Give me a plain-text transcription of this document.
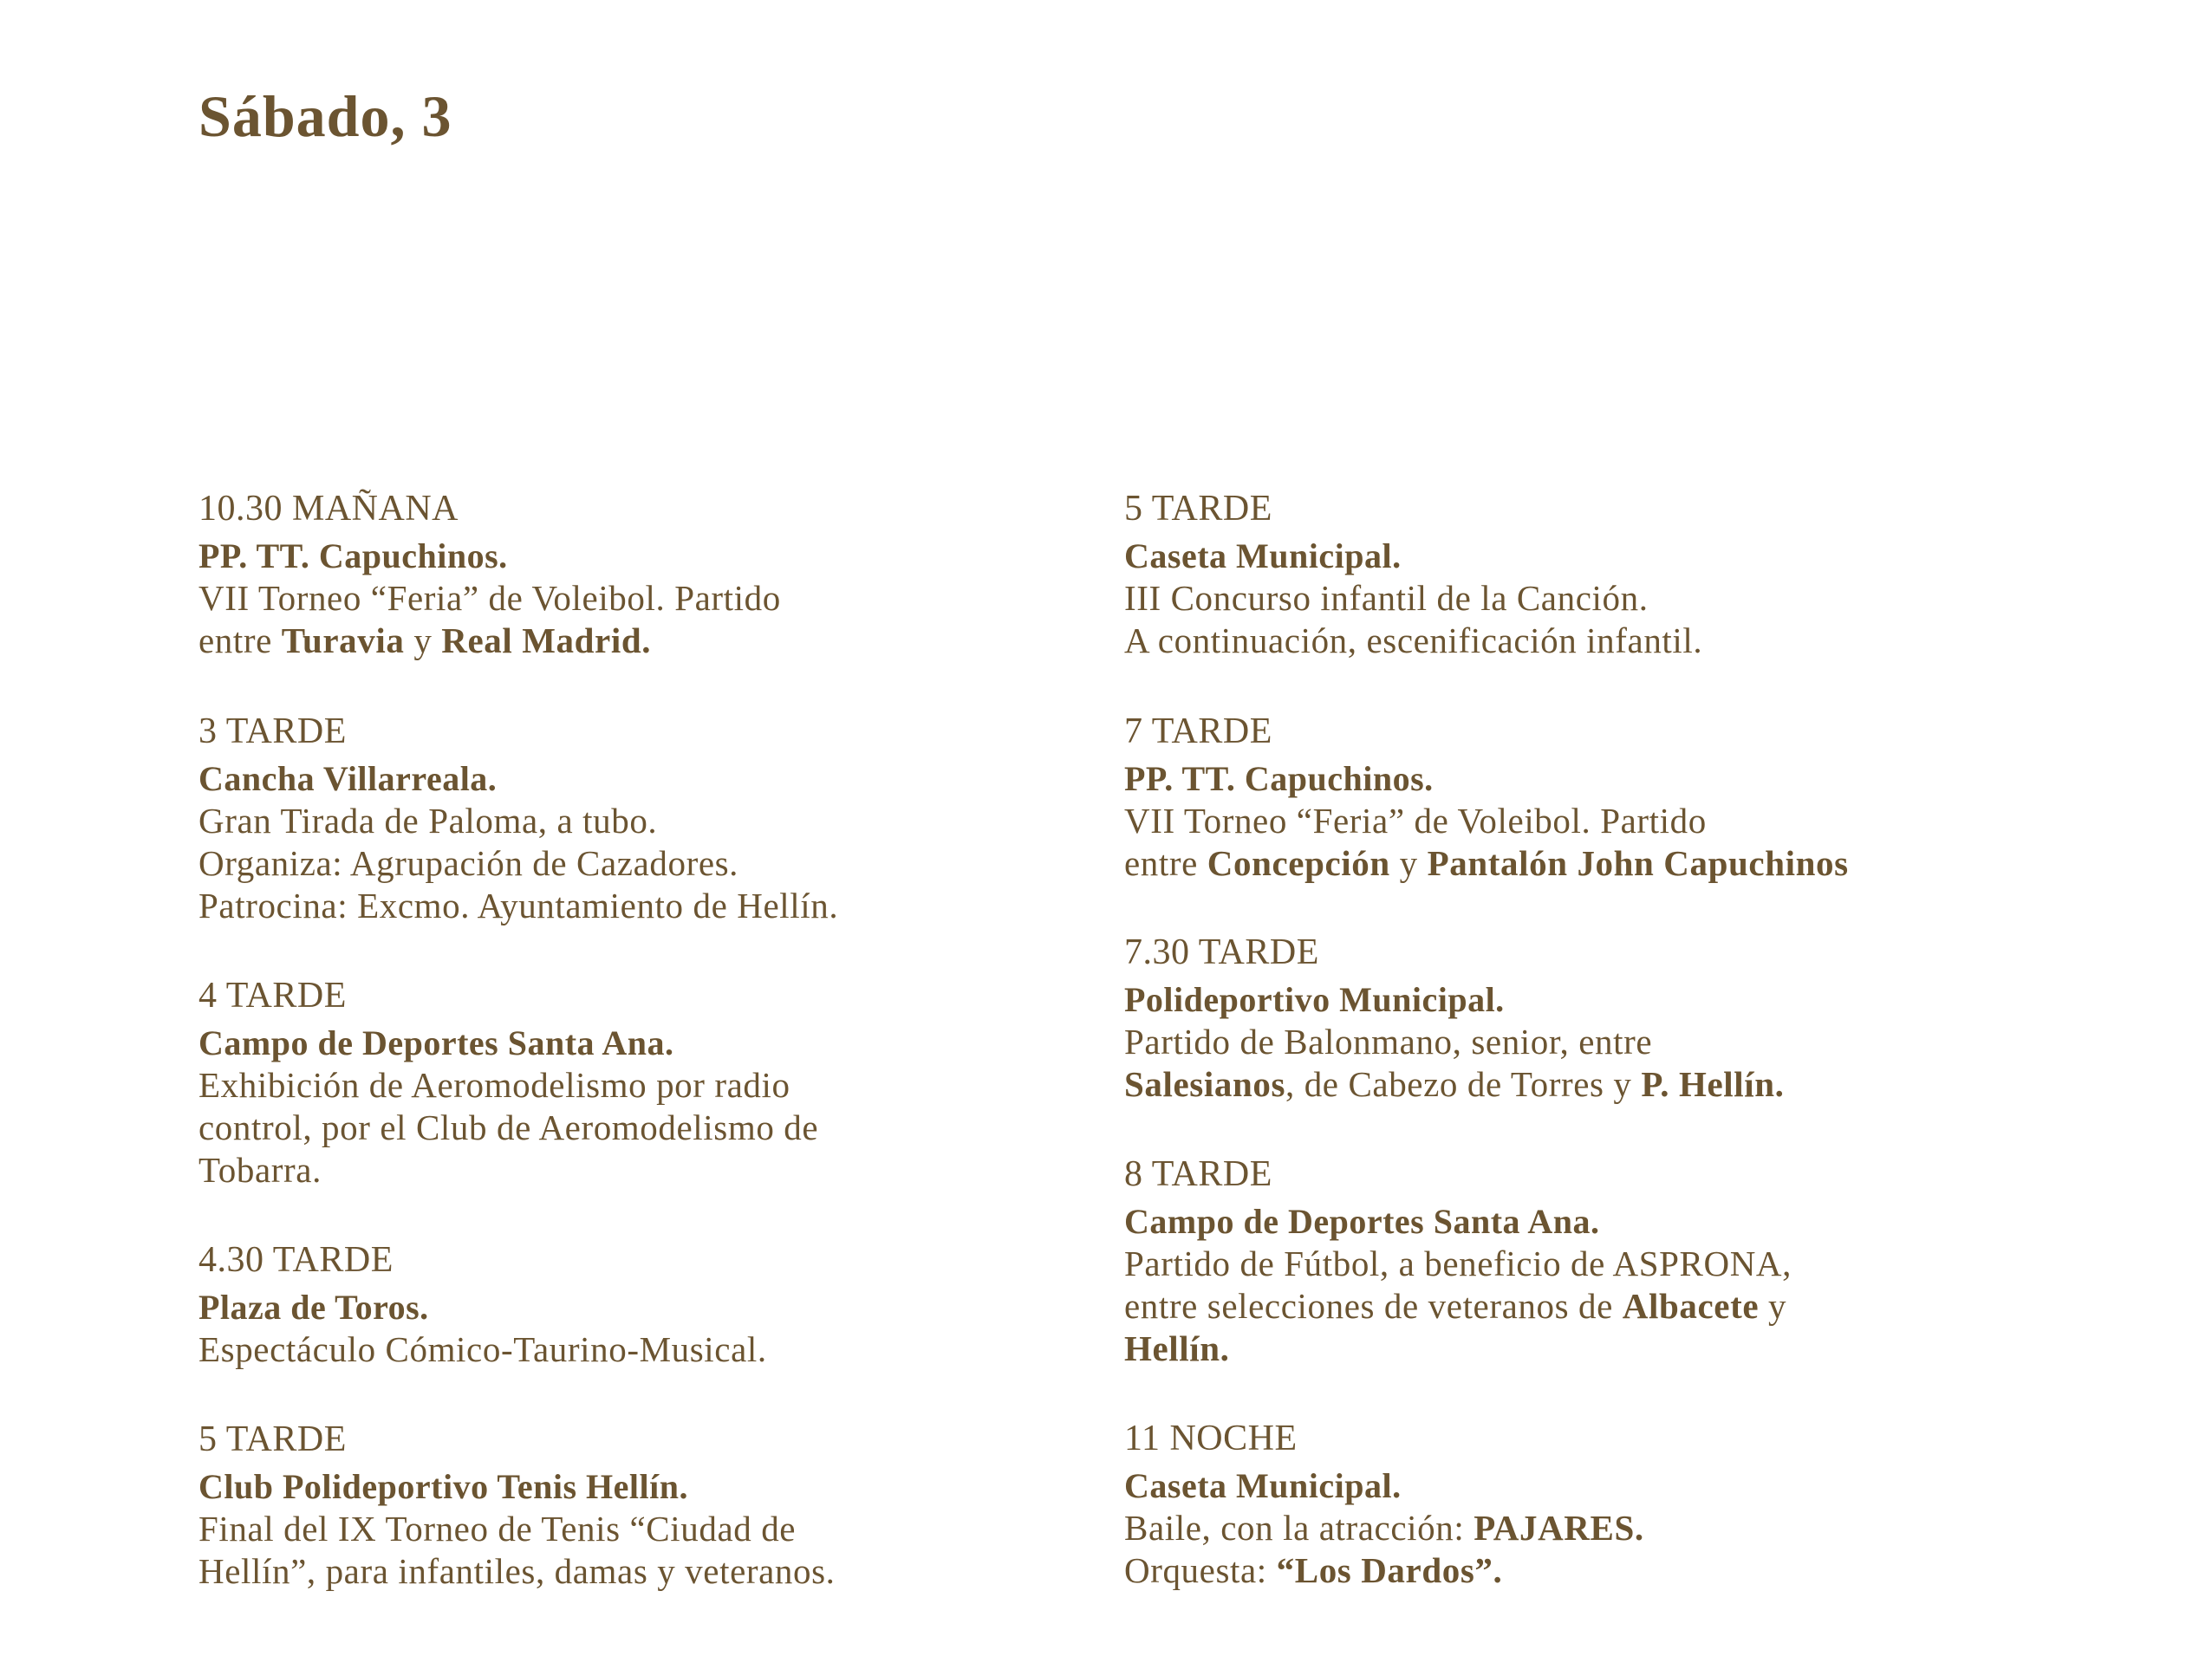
Sábado, 3

10.30 MAÑANA

PP. TT. Capuchinos.

VII Torneo “Feria” de Voleibol. Partido

entre Turavia y Real Madrid.

3 TARDE

Cancha Villarreala.

Gran Tirada de Paloma, a tubo.

Organiza: Agrupación de Cazadores.

Patrocina: Excmo. Ayuntamiento de Hellín.

4 TARDE

Campo de Deportes Santa Ana.

Exhibición de Aeromodelismo por radio

control, por el Club de Aeromodelismo de

Tobarra.

4.30 TARDE

Plaza de Toros.

Espectáculo Cómico-Taurino-Musical.

5 TARDE

Club Polideportivo Tenis Hellín.

Final del IX Torneo de Tenis “Ciudad de

Hellín”, para infantiles, damas y veteranos.

5 TARDE

Caseta Municipal.

III Concurso infantil de la Canción.

A continuación, escenificación infantil.

7 TARDE

PP. TT. Capuchinos.

VII Torneo “Feria” de Voleibol. Partido

entre Concepción y Pantalón John Capuchinos

7.30 TARDE

Polideportivo Municipal.

Partido de Balonmano, senior, entre

Salesianos, de Cabezo de Torres y P. Hellín.

8 TARDE

Campo de Deportes Santa Ana.

Partido de Fútbol, a beneficio de ASPRONA,

entre selecciones de veteranos de Albacete y

Hellín.

11 NOCHE

Caseta Municipal.

Baile, con la atracción: PAJARES.

Orquesta: “Los Dardos”.
